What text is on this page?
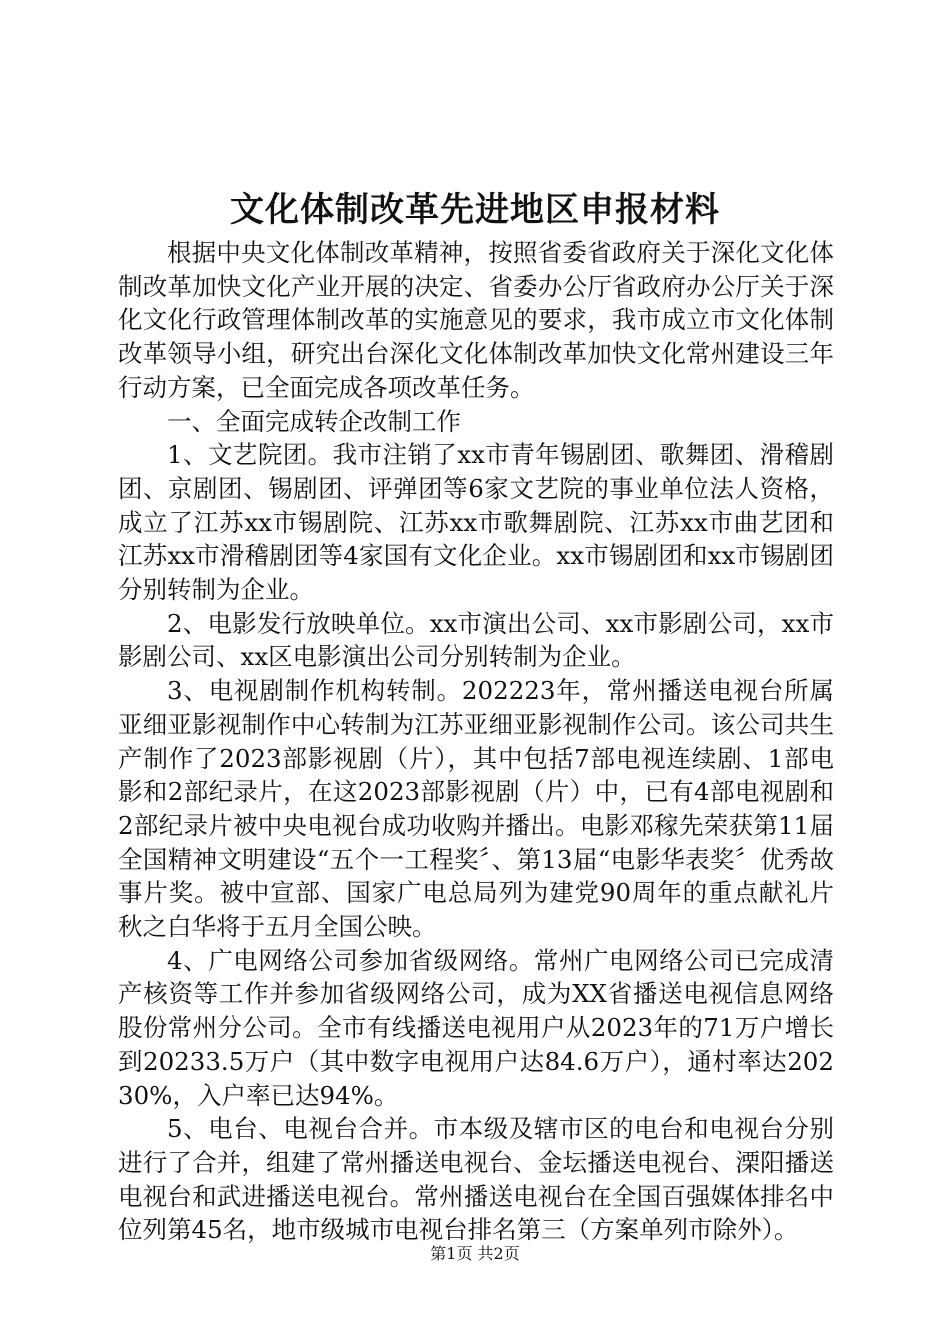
文化体制改革先进地区申报材料

根据中央文化体制改革精神，按照省委省政府关于深化文化体制改革加快文化产业开展的决定、省委办公厅省政府办公厅关于深化文化行政管理体制改革的实施意见的要求，我市成立市文化体制改革领导小组，研究出台深化文化体制改革加快文化常州建设三年行动方案，已全面完成各项改革任务。

一、全面完成转企改制工作

1、文艺院团。我市注销了xx市青年锡剧团、歌舞团、滑稽剧团、京剧团、锡剧团、评弹团等6家文艺院的事业单位法人资格，成立了江苏xx市锡剧院、江苏xx市歌舞剧院、江苏xx市曲艺团和江苏xx市滑稽剧团等4家国有文化企业。xx市锡剧团和xx市锡剧团分别转制为企业。

2、电影发行放映单位。xx市演出公司、xx市影剧公司，xx市影剧公司、xx区电影演出公司分别转制为企业。

3、电视剧制作机构转制。202223年，常州播送电视台所属亚细亚影视制作中心转制为江苏亚细亚影视制作公司。该公司共生产制作了2023部影视剧（片），其中包括7部电视连续剧、1部电影和2部纪录片，在这2023部影视剧（片）中，已有4部电视剧和2部纪录片被中央电视台成功收购并播出。电影邓稼先荣获第11届全国精神文明建设“五个一工程奖〞、第13届“电影华表奖〞优秀故事片奖。被中宣部、国家广电总局列为建党90周年的重点献礼片秋之白华将于五月全国公映。

4、广电网络公司参加省级网络。常州广电网络公司已完成清产核资等工作并参加省级网络公司，成为XX省播送电视信息网络股份常州分公司。全市有线播送电视用户从2023年的71万户增长到20233.5万户（其中数字电视用户达84.6万户），通村率达20230%，入户率已达94%。

5、电台、电视台合并。市本级及辖市区的电台和电视台分别进行了合并，组建了常州播送电视台、金坛播送电视台、溧阳播送电视台和武进播送电视台。常州播送电视台在全国百强媒体排名中位列第45名，地市级城市电视台排名第三（方案单列市除外）。

第1页 共2页
